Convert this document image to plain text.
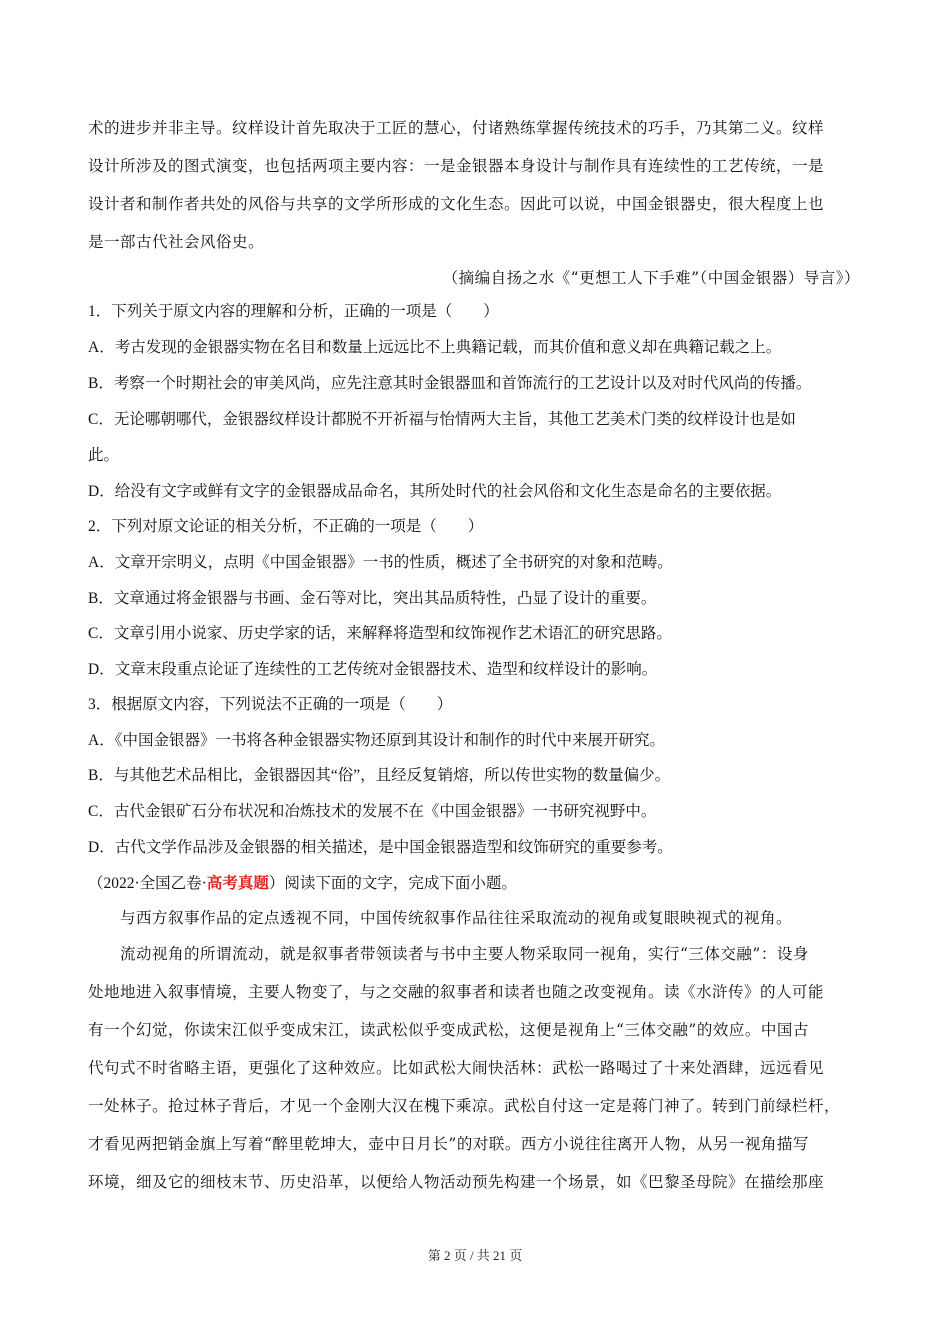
术的进步并非主导。纹样设计首先取决于工匠的慧心，付诸熟练掌握传统技术的巧手，乃其第二义。纹样
设计所涉及的图式演变，也包括两项主要内容：一是金银器本身设计与制作具有连续性的工艺传统，一是
设计者和制作者共处的风俗与共享的文学所形成的文化生态。因此可以说，中国金银器史，很大程度上也
是一部古代社会风俗史。
（摘编自扬之水《“更想工人下手难”（中国金银器）导言》）
1．下列关于原文内容的理解和分析，正确的一项是（　　）
A．考古发现的金银器实物在名目和数量上远远比不上典籍记载，而其价值和意义却在典籍记载之上。
B．考察一个时期社会的审美风尚，应先注意其时金银器皿和首饰流行的工艺设计以及对时代风尚的传播。
C．无论哪朝哪代，金银器纹样设计都脱不开祈福与怡情两大主旨，其他工艺美术门类的纹样设计也是如
此。
D．给没有文字或鲜有文字的金银器成品命名，其所处时代的社会风俗和文化生态是命名的主要依据。
2．下列对原文论证的相关分析，不正确的一项是（　　）
A．文章开宗明义，点明《中国金银器》一书的性质，概述了全书研究的对象和范畴。
B．文章通过将金银器与书画、金石等对比，突出其品质特性，凸显了设计的重要。
C．文章引用小说家、历史学家的话，来解释将造型和纹饰视作艺术语汇的研究思路。
D．文章末段重点论证了连续性的工艺传统对金银器技术、造型和纹样设计的影响。
3．根据原文内容，下列说法不正确的一项是（　　）
A．《中国金银器》一书将各种金银器实物还原到其设计和制作的时代中来展开研究。
B．与其他艺术品相比，金银器因其“俗”，且经反复销熔，所以传世实物的数量偏少。
C．古代金银矿石分布状况和冶炼技术的发展不在《中国金银器》一书研究视野中。
D．古代文学作品涉及金银器的相关描述，是中国金银器造型和纹饰研究的重要参考。
（2022·全国乙卷·高考真题）阅读下面的文字，完成下面小题。
与西方叙事作品的定点透视不同，中国传统叙事作品往往采取流动的视角或复眼映视式的视角。
流动视角的所谓流动，就是叙事者带领读者与书中主要人物采取同一视角，实行“三体交融”：设身
处地地进入叙事情境，主要人物变了，与之交融的叙事者和读者也随之改变视角。读《水浒传》的人可能
有一个幻觉，你读宋江似乎变成宋江，读武松似乎变成武松，这便是视角上“三体交融”的效应。中国古
代句式不时省略主语，更强化了这种效应。比如武松大闹快活林：武松一路喝过了十来处酒肆，远远看见
一处林子。抢过林子背后，才见一个金刚大汉在槐下乘凉。武松自付这一定是蒋门神了。转到门前绿栏杆，
才看见两把销金旗上写着“醉里乾坤大，壶中日月长”的对联。西方小说往往离开人物，从另一视角描写
环境，细及它的细枝末节、历史沿革，以便给人物活动预先构建一个场景，如《巴黎圣母院》在描绘那座
第 2 页 / 共 21 页
